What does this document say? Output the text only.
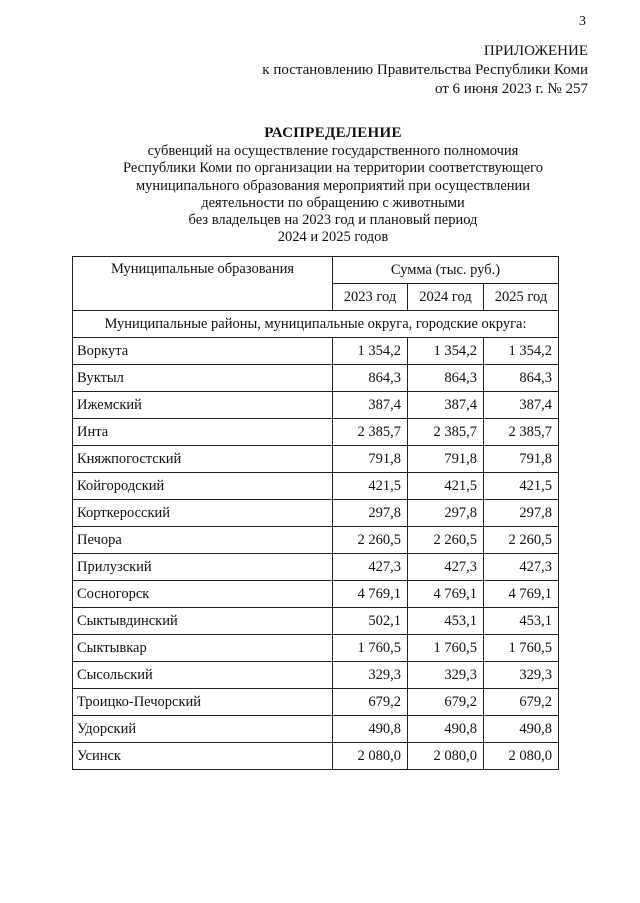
3
ПРИЛОЖЕНИЕ
к постановлению Правительства Республики Коми
от 6 июня 2023 г. № 257
РАСПРЕДЕЛЕНИЕ
субвенций на осуществление государственного полномочия
Республики Коми по организации на территории соответствующего
муниципального образования мероприятий при осуществлении
деятельности по обращению с животными
без владельцев на 2023 год и плановый период
2024 и 2025 годов
Муниципальные образования	Сумма (тыс. руб.)		
	2023 год	2024 год	2025 год
Муниципальные районы, муниципальные округа, городские округа:			
Воркута	1 354,2	1 354,2	1 354,2
Вуктыл	864,3	864,3	864,3
Ижемский	387,4	387,4	387,4
Инта	2 385,7	2 385,7	2 385,7
Княжпогостский	791,8	791,8	791,8
Койгородский	421,5	421,5	421,5
Корткеросский	297,8	297,8	297,8
Печора	2 260,5	2 260,5	2 260,5
Прилузский	427,3	427,3	427,3
Сосногорск	4 769,1	4 769,1	4 769,1
Сыктывдинский	502,1	453,1	453,1
Сыктывкар	1 760,5	1 760,5	1 760,5
Сысольский	329,3	329,3	329,3
Троицко-Печорский	679,2	679,2	679,2
Удорский	490,8	490,8	490,8
Усинск	2 080,0	2 080,0	2 080,0
